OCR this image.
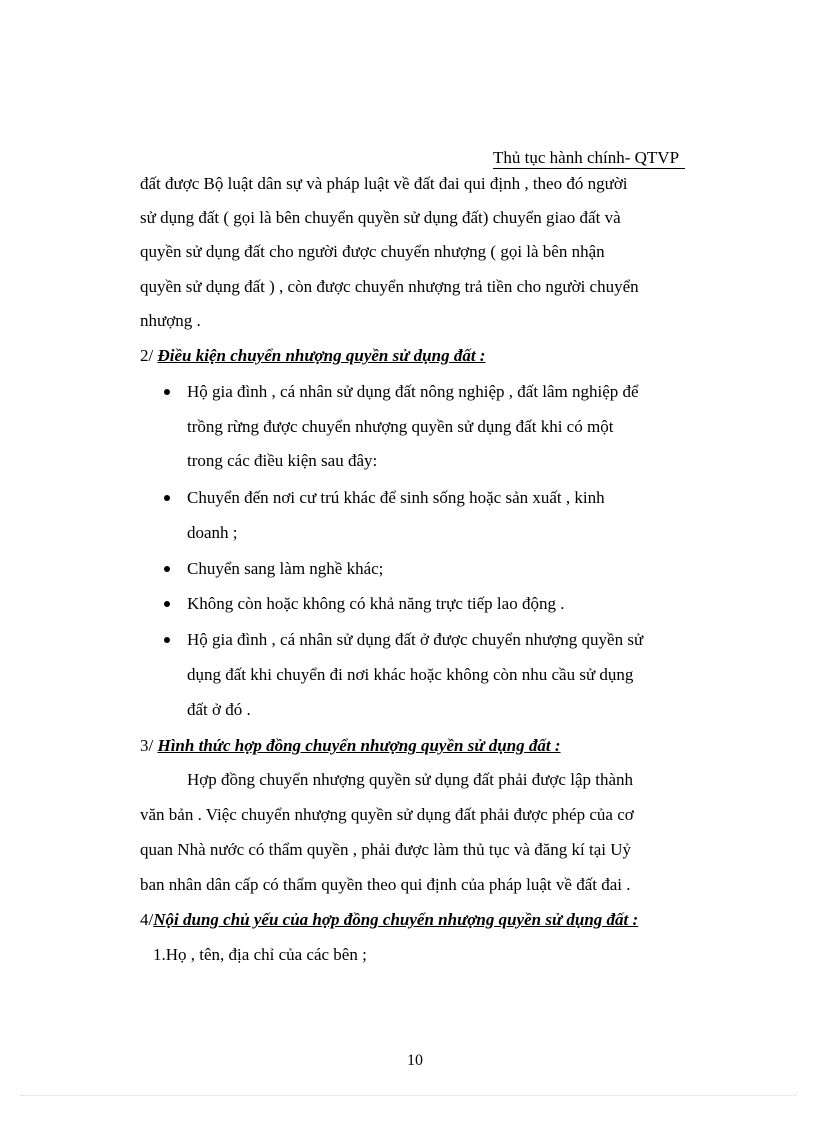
Thủ tục hành chính- QTVP
đất được Bộ luật dân sự và pháp luật về đất đai qui định , theo đó người
sử dụng đất ( gọi là bên chuyển quyền sử dụng đất) chuyển giao đất và
quyền sử dụng đất cho người được chuyển nhượng ( gọi là bên nhận
quyền sử dụng đất ) , còn được chuyển nhượng trả tiền cho người chuyển
nhượng .
2/ Điều kiện chuyển nhượng quyền sử dụng đất :
Hộ gia đình , cá nhân sử dụng đất nông nghiệp , đất lâm nghiệp để
trồng rừng được chuyển nhượng quyền sử dụng đất khi có một
trong các điều kiện sau đây:
Chuyển đến nơi cư trú khác để sinh sống hoặc sản xuất , kinh
doanh ;
Chuyển sang làm nghề khác;
Không còn hoặc không có khả năng trực tiếp lao động .
Hộ gia đình , cá nhân sử dụng đất ở được chuyển nhượng quyền sử
dụng đất khi chuyển đi nơi khác hoặc không còn nhu cầu sử dụng
đất ở đó .
3/ Hình thức hợp đồng chuyển nhượng quyền sử dụng đất :
Hợp đồng chuyển nhượng quyền sử dụng đất phải được lập thành
văn bản . Việc chuyển nhượng quyền sử dụng đất phải được phép của cơ
quan Nhà nước có thẩm quyền , phải được làm thủ tục và đăng kí tại Uỷ
ban nhân dân cấp có thẩm quyền theo qui định của pháp luật về đất đai .
4/Nội dung chủ yếu của hợp đồng chuyển nhượng quyền sử dụng đất :
1.Họ , tên, địa chỉ của các bên ;
10
